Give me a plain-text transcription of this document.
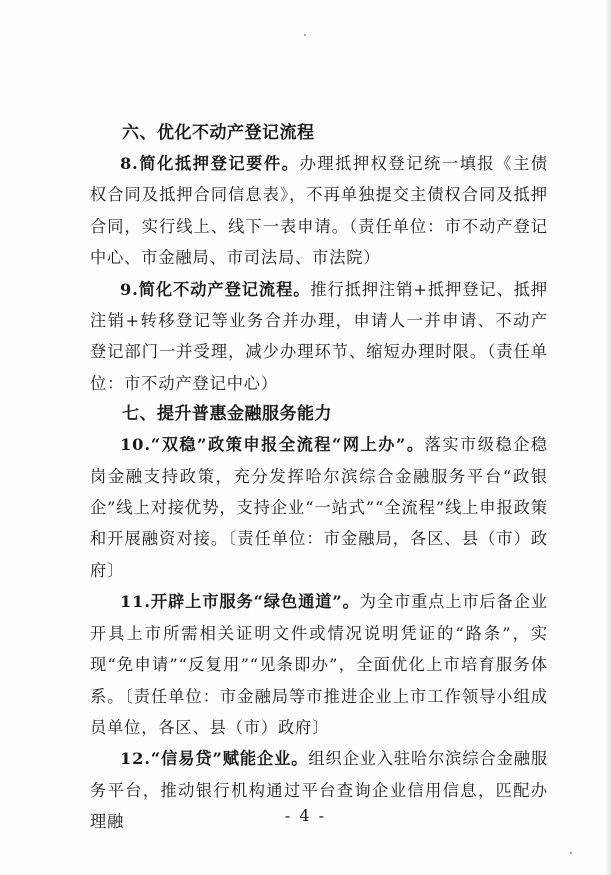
六、优化不动产登记流程

8.简化抵押登记要件。办理抵押权登记统一填报《主债权合同及抵押合同信息表》，不再单独提交主债权合同及抵押合同，实行线上、线下一表申请。（责任单位：市不动产登记中心、市金融局、市司法局、市法院）

9.简化不动产登记流程。推行抵押注销+抵押登记、抵押注销+转移登记等业务合并办理，申请人一并申请、不动产登记部门一并受理，减少办理环节、缩短办理时限。（责任单位：市不动产登记中心）

七、提升普惠金融服务能力

10.“双稳”政策申报全流程“网上办”。落实市级稳企稳岗金融支持政策，充分发挥哈尔滨综合金融服务平台“政银企”线上对接优势，支持企业“一站式”“全流程”线上申报政策和开展融资对接。〔责任单位：市金融局，各区、县（市）政府〕

11.开辟上市服务“绿色通道”。为全市重点上市后备企业开具上市所需相关证明文件或情况说明凭证的“路条”，实现“免申请”“反复用”“见条即办”，全面优化上市培育服务体系。〔责任单位：市金融局等市推进企业上市工作领导小组成员单位，各区、县（市）政府〕

12.“信易贷”赋能企业。组织企业入驻哈尔滨综合金融服务平台，推动银行机构通过平台查询企业信用信息，匹配办理融	- 4 -
